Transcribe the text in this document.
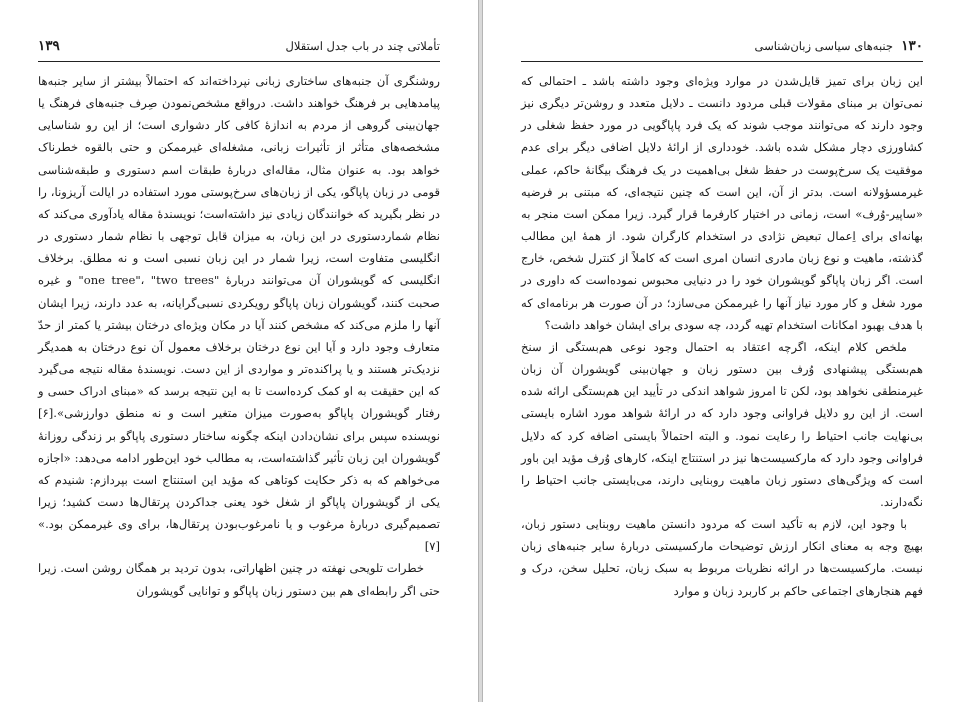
۱۳۹	تأملاتی چند در باب جدل استقلال

روشنگری آن جنبه‌های ساختاری زبانی نپرداخته‌اند که احتمالاً بیشتر از سایر جنبه‌ها پیامدهایی بر فرهنگ خواهند داشت. درواقع مشخص‌نمودن صِرف جنبه‌های فرهنگ یا جهان‌بینی گروهی از مردم به اندازهٔ کافی کار دشواری است؛ از این رو شناسایی مشخصه‌های متأثر از تأثیرات زبانی، مشغله‌ای غیرممکن و حتی بالقوه خطرناک خواهد بود. به عنوان مثال، مقاله‌ای دربارهٔ طبقات اسم دستوری و طبقه‌شناسی قومی در زبان پاپاگو، یکی از زبان‌های سرخ‌پوستی مورد استفاده در ایالت آریزونا، را در نظر بگیرید که خوانندگان زیادی نیز داشته‌است؛ نویسندهٔ مقاله یادآوری می‌کند که نظام شماردستوری در این زبان، به میزان قابل توجهی با نظام شمار دستوری در انگلیسی متفاوت است، زیرا شمار در این زبان نسبی است و نه مطلق. برخلاف انگلیسی که گویشوران آن می‌توانند دربارهٔ "one tree"، "two trees" و غیره صحبت کنند، گویشوران زبان پاپاگو رویکردی نسبی‌گرایانه، به عدد دارند، زیرا ایشان آنها را ملزم می‌کند که مشخص کنند آیا در مکان ویژه‌ای درختان بیشتر یا کمتر از حدّ متعارف وجود دارد و آیا این نوع درختان برخلاف معمول آن نوع درختان به همدیگر نزدیک‌تر هستند و یا پراکنده‌تر و مواردی از این دست. نویسندهٔ مقاله نتیجه می‌گیرد که این حقیقت به او کمک کرده‌است تا به این نتیجه برسد که «مبنای ادراک حسی و رفتار گویشوران پاپاگو به‌صورت میزان متغیر است و نه منطق دوارزشی».[۶] نویسنده سپس برای نشان‌دادن اینکه چگونه ساختار دستوری پاپاگو بر زندگی روزانهٔ گویشوران این زبان تأثیر گذاشته‌است، به مطالب خود این‌طور ادامه می‌دهد: «اجازه می‌خواهم که به ذکر حکایت کوتاهی که مؤید این استنتاج است بپردازم: شنیدم که یکی از گویشوران پاپاگو از شغل خود یعنی جداکردن پرتقال‌ها دست کشید؛ زیرا تصمیم‌گیری دربارهٔ مرغوب و یا نامرغوب‌بودن پرتقال‌ها، برای وی غیرممکن بود.» [۷]

خطرات تلویحی نهفته در چنین اظهاراتی، بدون تردید بر همگان روشن است. زیرا حتی اگر رابطه‌ای هم بین دستور زبان پاپاگو و توانایی گویشوران

۱۳۰
جنبه‌های سیاسی زبان‌شناسی

این زبان برای تمیز قایل‌شدن در موارد ویژه‌ای وجود داشته باشد ـ احتمالی که نمی‌توان بر مبنای مقولات قبلی مردود دانست ـ دلایل متعدد و روشن‌تر دیگری نیز وجود دارند که می‌توانند موجب شوند که یک فرد پاپاگویی در مورد حفظ شغلی در کشاورزی دچار مشکل شده باشد. خودداری از ارائهٔ دلایل اضافی دیگر برای عدم موفقیت یک سرخ‌پوست در حفظ شغل بی‌اهمیت در یک فرهنگ بیگانهٔ حاکم، عملی غیرمسؤولانه است. بدتر از آن، این است که چنین نتیجه‌ای، که مبتنی بر فرضیه «ساپیر-وُرف» است، زمانی در اختیار کارفرما قرار گیرد. زیرا ممکن است منجر به بهانه‌ای برای اِعمال تبعیض نژادی در استخدام کارگران شود. از همهٔ این مطالب گذشته، ماهیت و نوع زبان مادری انسان امری است که کاملاً از کنترل شخص، خارج است. اگر زبان پاپاگو گویشوران خود را در دنیایی محبوس نموده‌است که داوری در مورد شغل و کار مورد نیاز آنها را غیرممکن می‌سازد؛ در آن صورت هر برنامه‌ای که با هدف بهبود امکانات استخدام تهیه گردد، چه سودی برای ایشان خواهد داشت؟

ملخص کلام اینکه، اگرچه اعتقاد به احتمال وجود نوعی هم‌بستگی از سنخ هم‌بستگی پیشنهادی وُرف بین دستور زبان و جهان‌بینی گویشوران آن زبان غیرمنطقی نخواهد بود، لکن تا امروز شواهد اندکی در تأیید این هم‌بستگی ارائه شده است. از این رو دلایل فراوانی وجود دارد که در ارائهٔ شواهد مورد اشاره بایستی بی‌نهایت جانب احتیاط را رعایت نمود. و البته احتمالاً بایستی اضافه کرد که دلایل فراوانی وجود دارد که مارکسیست‌ها نیز در استنتاج اینکه، کارهای وُرف مؤید این باور است که ویژگی‌های دستور زبان ماهیت روبنایی دارند، می‌بایستی جانب احتیاط را نگه‌دارند.

با وجود این، لازم به تأکید است که مردود دانستن ماهیت روبنایی دستور زبان، بهیچ وجه به معنای انکار ارزش توضیحات مارکسیستی دربارهٔ سایر جنبه‌های زبان نیست. مارکسیست‌ها در ارائه نظریات مربوط به سبک زبان، تحلیل سخن، درک و فهم هنجارهای اجتماعی حاکم بر کاربرد زبان و موارد
